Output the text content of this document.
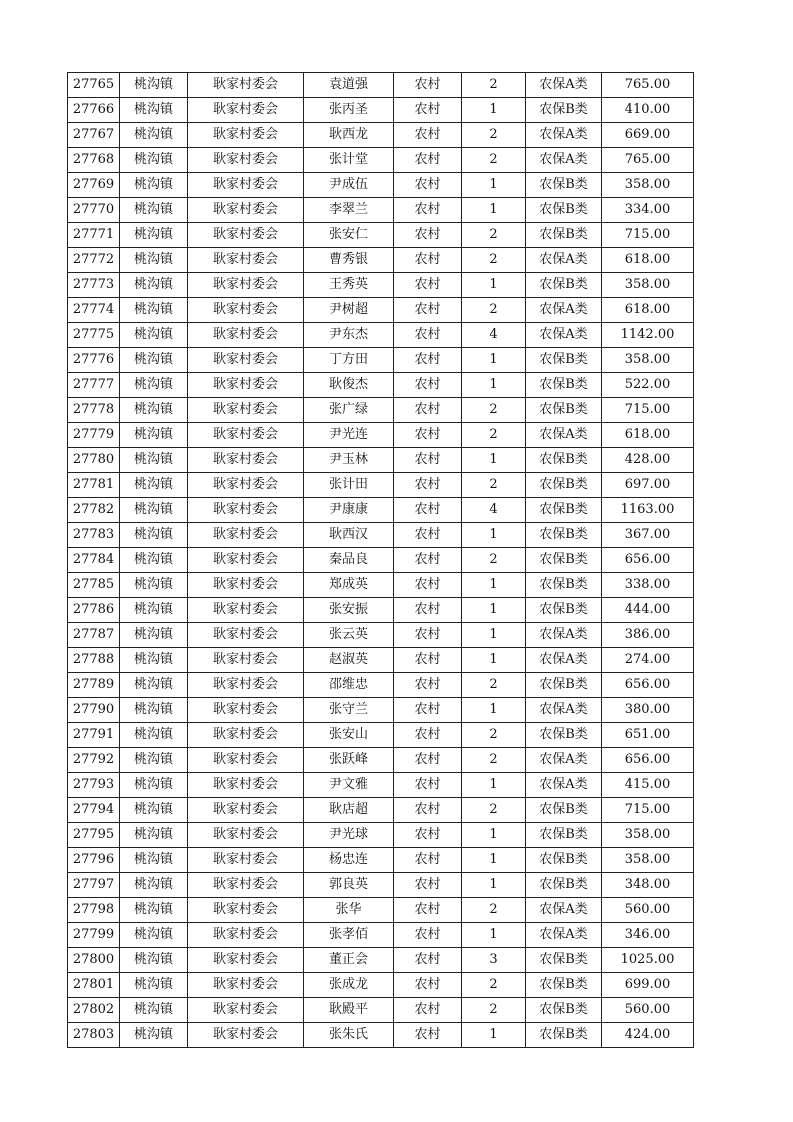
27765	桃沟镇	耿家村委会	袁道强	农村	2	农保A类	765.00
27766	桃沟镇	耿家村委会	张丙圣	农村	1	农保B类	410.00
27767	桃沟镇	耿家村委会	耿西龙	农村	2	农保A类	669.00
27768	桃沟镇	耿家村委会	张计堂	农村	2	农保A类	765.00
27769	桃沟镇	耿家村委会	尹成伍	农村	1	农保B类	358.00
27770	桃沟镇	耿家村委会	李翠兰	农村	1	农保B类	334.00
27771	桃沟镇	耿家村委会	张安仁	农村	2	农保B类	715.00
27772	桃沟镇	耿家村委会	曹秀银	农村	2	农保A类	618.00
27773	桃沟镇	耿家村委会	王秀英	农村	1	农保B类	358.00
27774	桃沟镇	耿家村委会	尹树超	农村	2	农保A类	618.00
27775	桃沟镇	耿家村委会	尹东杰	农村	4	农保A类	1142.00
27776	桃沟镇	耿家村委会	丁方田	农村	1	农保B类	358.00
27777	桃沟镇	耿家村委会	耿俊杰	农村	1	农保B类	522.00
27778	桃沟镇	耿家村委会	张广绿	农村	2	农保B类	715.00
27779	桃沟镇	耿家村委会	尹光连	农村	2	农保A类	618.00
27780	桃沟镇	耿家村委会	尹玉林	农村	1	农保B类	428.00
27781	桃沟镇	耿家村委会	张计田	农村	2	农保B类	697.00
27782	桃沟镇	耿家村委会	尹康康	农村	4	农保B类	1163.00
27783	桃沟镇	耿家村委会	耿西汉	农村	1	农保B类	367.00
27784	桃沟镇	耿家村委会	秦品良	农村	2	农保B类	656.00
27785	桃沟镇	耿家村委会	郑成英	农村	1	农保B类	338.00
27786	桃沟镇	耿家村委会	张安振	农村	1	农保B类	444.00
27787	桃沟镇	耿家村委会	张云英	农村	1	农保A类	386.00
27788	桃沟镇	耿家村委会	赵淑英	农村	1	农保A类	274.00
27789	桃沟镇	耿家村委会	邵维忠	农村	2	农保B类	656.00
27790	桃沟镇	耿家村委会	张守兰	农村	1	农保A类	380.00
27791	桃沟镇	耿家村委会	张安山	农村	2	农保B类	651.00
27792	桃沟镇	耿家村委会	张跃峰	农村	2	农保A类	656.00
27793	桃沟镇	耿家村委会	尹文雅	农村	1	农保A类	415.00
27794	桃沟镇	耿家村委会	耿店超	农村	2	农保B类	715.00
27795	桃沟镇	耿家村委会	尹光球	农村	1	农保B类	358.00
27796	桃沟镇	耿家村委会	杨忠连	农村	1	农保B类	358.00
27797	桃沟镇	耿家村委会	郭良英	农村	1	农保B类	348.00
27798	桃沟镇	耿家村委会	张华	农村	2	农保A类	560.00
27799	桃沟镇	耿家村委会	张孝佰	农村	1	农保A类	346.00
27800	桃沟镇	耿家村委会	董正会	农村	3	农保B类	1025.00
27801	桃沟镇	耿家村委会	张成龙	农村	2	农保B类	699.00
27802	桃沟镇	耿家村委会	耿殿平	农村	2	农保B类	560.00
27803	桃沟镇	耿家村委会	张朱氏	农村	1	农保B类	424.00
